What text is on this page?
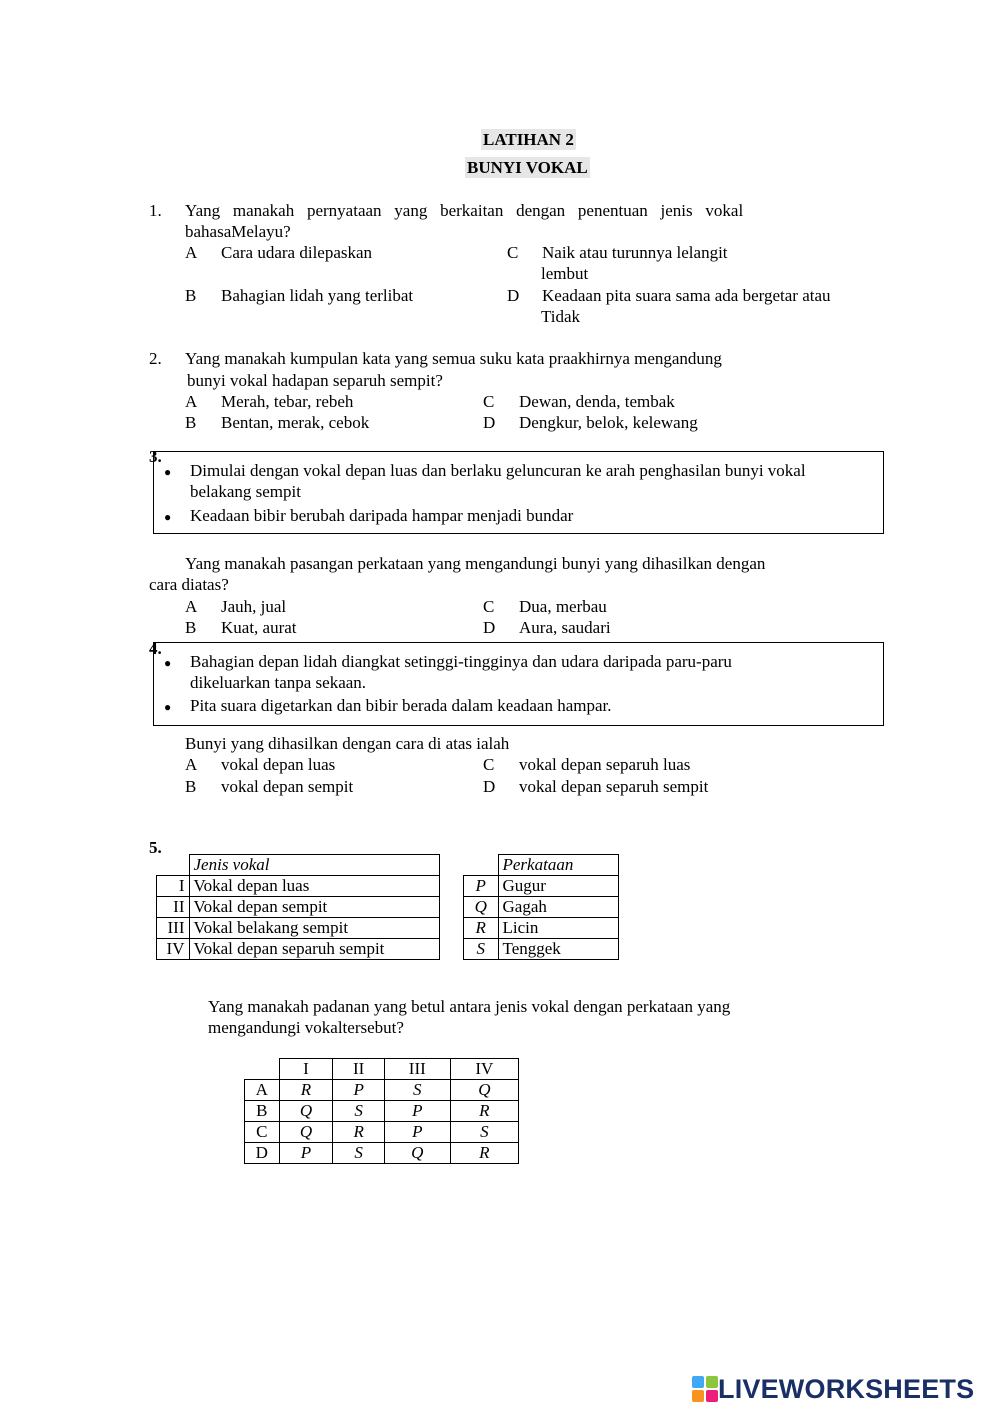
LATIHAN 2
BUNYI VOKAL
1. Yang   manakah   pernyataan   yang   berkaitan   dengan   penentuan   jenis   vokal
bahasaMelayu?
A Cara udara dilepaskan
B Bahagian lidah yang terlibat
C Naik atau turunnya lelangit
lembut
D Keadaan pita suara sama ada bergetar atau
Tidak
2. Yang manakah kumpulan kata yang semua suku kata praakhirnya mengandung
bunyi vokal hadapan separuh sempit?
A Merah, tebar, rebeh
B Bentan, merak, cebok
C Dewan, denda, tembak
D Dengkur, belok, kelewang
3.
● Dimulai dengan vokal depan luas dan berlaku geluncuran ke arah penghasilan bunyi vokal
belakang sempit
● Keadaan bibir berubah daripada hampar menjadi bundar
Yang manakah pasangan perkataan yang mengandungi bunyi yang dihasilkan dengan
cara diatas?
A Jauh, jual
B Kuat, aurat
C Dua, merbau
D Aura, saudari
4.
● Bahagian depan lidah diangkat setinggi-tingginya dan udara daripada paru-paru
dikeluarkan tanpa sekaan.
● Pita suara digetarkan dan bibir berada dalam keadaan hampar.
Bunyi yang dihasilkan dengan cara di atas ialah
A vokal depan luas
B vokal depan sempit
C vokal depan separuh luas
D vokal depan separuh sempit
5.
	Jenis vokal
I	Vokal depan luas
II	Vokal depan sempit
III	Vokal belakang sempit
IV	Vokal depan separuh sempit
	Perkataan
P	Gugur
Q	Gagah
R	Licin
S	Tenggek
Yang manakah padanan yang betul antara jenis vokal dengan perkataan yang
mengandungi vokaltersebut?
	I	II	III	IV
A	R	P	S	Q
B	Q	S	P	R
C	Q	R	P	S
D	P	S	Q	R
LIVEWORKSHEETS
